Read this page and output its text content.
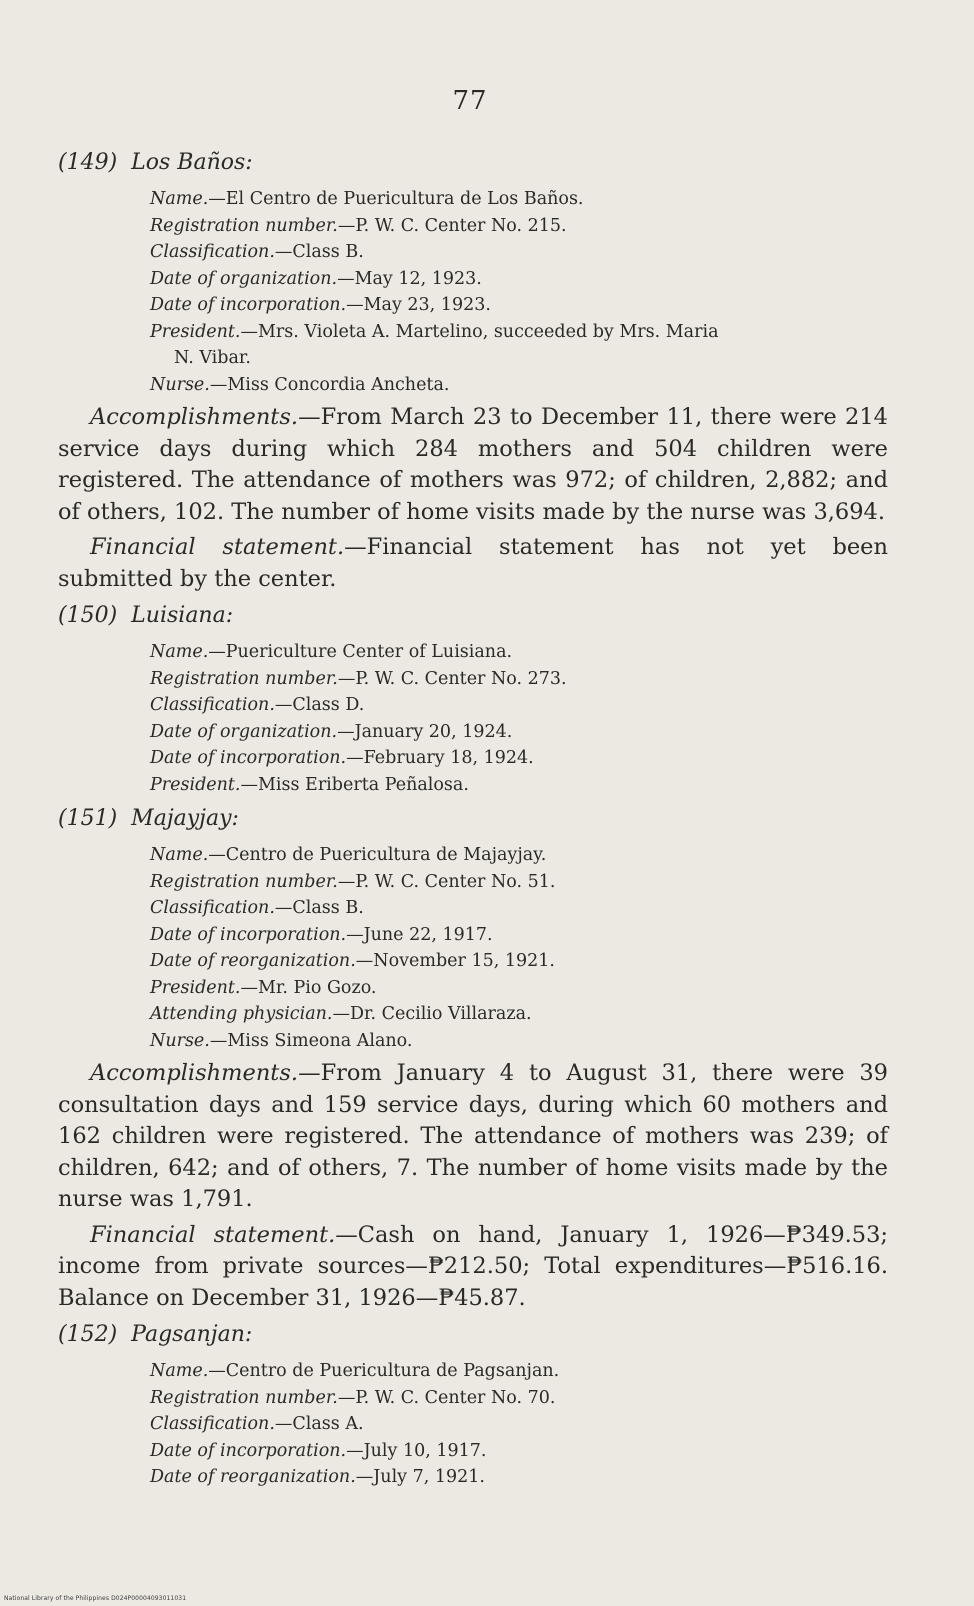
77
(149) Los Baños:
Name.—El Centro de Puericultura de Los Baños.
Registration number.—P. W. C. Center No. 215.
Classification.—Class B.
Date of organization.—May 12, 1923.
Date of incorporation.—May 23, 1923.
President.—Mrs. Violeta A. Martelino, succeeded by Mrs. Maria
N. Vibar.
Nurse.—Miss Concordia Ancheta.

Accomplishments.—From March 23 to December 11, there were 214 service days during which 284 mothers and 504 children were registered. The attendance of mothers was 972; of children, 2,882; and of others, 102. The number of home visits made by the nurse was 3,694.

Financial statement.—Financial statement has not yet been submitted by the center.

(150) Luisiana:
Name.—Puericulture Center of Luisiana.
Registration number.—P. W. C. Center No. 273.
Classification.—Class D.
Date of organization.—January 20, 1924.
Date of incorporation.—February 18, 1924.
President.—Miss Eriberta Peñalosa.
(151) Majayjay:
Name.—Centro de Puericultura de Majayjay.
Registration number.—P. W. C. Center No. 51.
Classification.—Class B.
Date of incorporation.—June 22, 1917.
Date of reorganization.—November 15, 1921.
President.—Mr. Pio Gozo.
Attending physician.—Dr. Cecilio Villaraza.
Nurse.—Miss Simeona Alano.

Accomplishments.—From January 4 to August 31, there were 39 consultation days and 159 service days, during which 60 mothers and 162 children were registered. The attendance of mothers was 239; of children, 642; and of others, 7. The number of home visits made by the nurse was 1,791.

Financial statement.—Cash on hand, January 1, 1926—₱349.53; income from private sources—₱212.50; Total expenditures—₱516.16. Balance on December 31, 1926—₱45.87.

(152) Pagsanjan:
Name.—Centro de Puericultura de Pagsanjan.
Registration number.—P. W. C. Center No. 70.
Classification.—Class A.
Date of incorporation.—July 10, 1917.
Date of reorganization.—July 7, 1921.
National Library of the Philippines D024P00004093011031
